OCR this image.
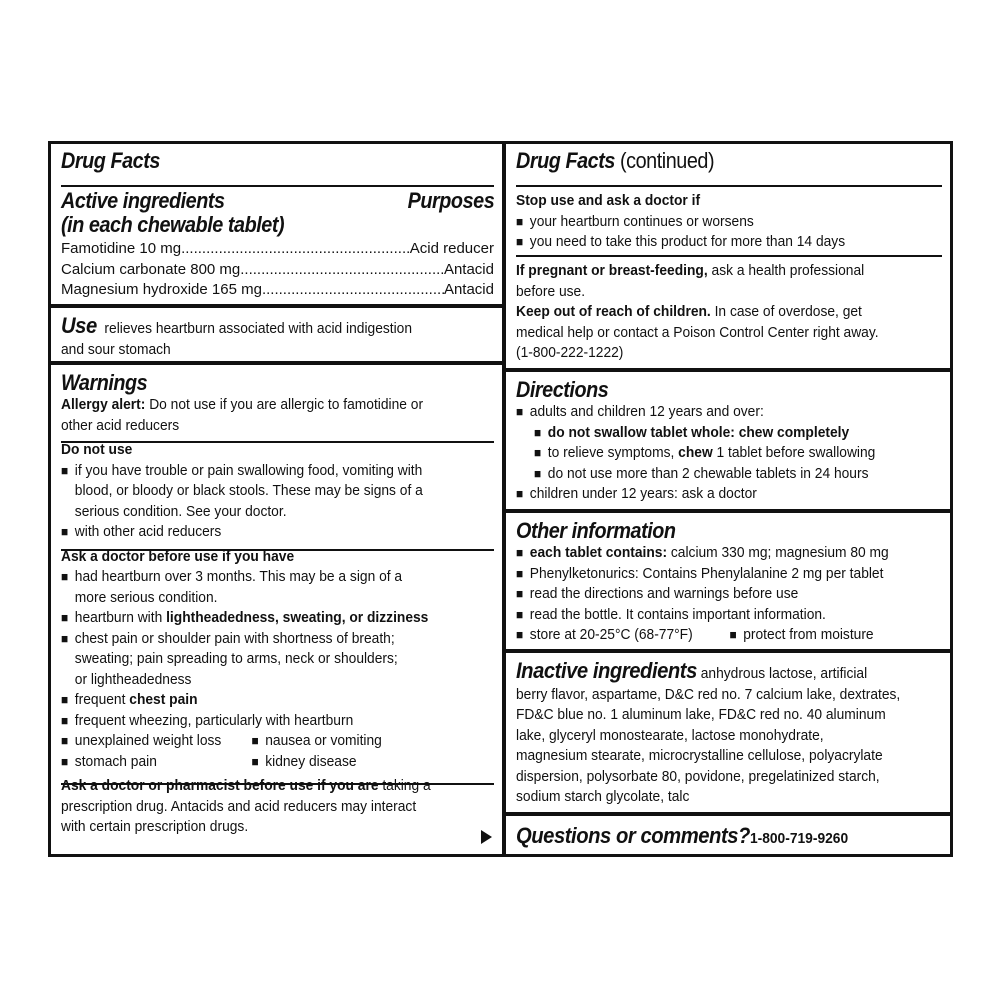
Drug Facts
Active ingredients	Purposes
(in each chewable tablet)
Famotidine 10 mg .....	Acid reducer
Calcium carbonate 800 mg .....	Antacid
Magnesium hydroxide 165 mg .....	Antacid
Use relieves heartburn associated with acid indigestion
and sour stomach
Warnings
Allergy alert: Do not use if you are allergic to famotidine or
other acid reducers
Do not use
■ if you have trouble or pain swallowing food, vomiting with
blood, or bloody or black stools. These may be signs of a
serious condition. See your doctor.
■ with other acid reducers
Ask a doctor before use if you have
■ had heartburn over 3 months. This may be a sign of a
more serious condition.
■ heartburn with lightheadedness, sweating, or dizziness
■ chest pain or shoulder pain with shortness of breath;
sweating; pain spreading to arms, neck or shoulders;
or lightheadedness
■ frequent chest pain
■ frequent wheezing, particularly with heartburn
■ unexplained weight loss	■ nausea or vomiting
■ stomach pain	■ kidney disease
Ask a doctor or pharmacist before use if you are taking a
prescription drug. Antacids and acid reducers may interact
with certain prescription drugs.
Drug Facts (continued)
Stop use and ask a doctor if
■ your heartburn continues or worsens
■ you need to take this product for more than 14 days
If pregnant or breast-feeding, ask a health professional
before use.
Keep out of reach of children. In case of overdose, get
medical help or contact a Poison Control Center right away.
(1-800-222-1222)
Directions
■ adults and children 12 years and over:
■ do not swallow tablet whole: chew completely
■ to relieve symptoms, chew 1 tablet before swallowing
■ do not use more than 2 chewable tablets in 24 hours
■ children under 12 years: ask a doctor
Other information
■ each tablet contains: calcium 330 mg; magnesium 80 mg
■ Phenylketonurics: Contains Phenylalanine 2 mg per tablet
■ read the directions and warnings before use
■ read the bottle. It contains important information.
■ store at 20-25°C (68-77°F)	■ protect from moisture
Inactive ingredients anhydrous lactose, artificial
berry flavor, aspartame, D&C red no. 7 calcium lake, dextrates,
FD&C blue no. 1 aluminum lake, FD&C red no. 40 aluminum
lake, glyceryl monostearate, lactose monohydrate,
magnesium stearate, microcrystalline cellulose, polyacrylate
dispersion, polysorbate 80, povidone, pregelatinized starch,
sodium starch glycolate, talc
Questions or comments?1-800-719-9260
